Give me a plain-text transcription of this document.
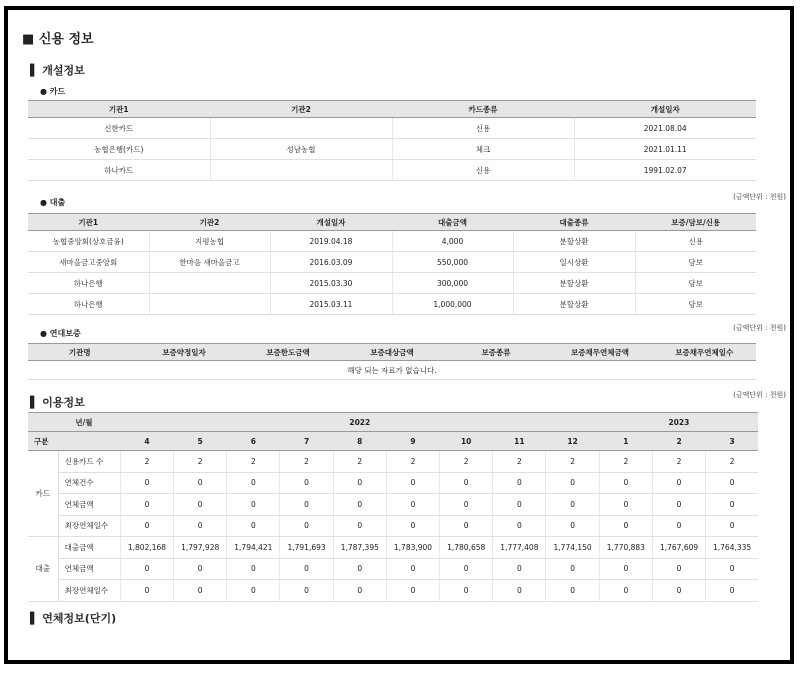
■ 신용 정보
▌ 개설정보
● 카드
기관1	기관2	카드종류	개설일자
신한카드		신용	2021.08.04
농협은행(카드)	성남농협	체크	2021.01.11
하나카드		신용	1991.02.07
● 대출
(금액단위 : 천원)
기관1	기관2	개설일자	대출금액	대출종류	보증/담보/신용
농협중앙회(상호금융)	지평농협	2019.04.18	4,000	분할상환	신용
새마을금고중앙회	한마음 새마을금고	2016.03.09	550,000	일시상환	담보
하나은행		2015.03.30	300,000	분할상환	담보
하나은행		2015.03.11	1,000,000	분할상환	담보
● 연대보증
(금액단위 : 천원)
기관명	보증약정일자	보증한도금액	보증대상금액	보증종류	보증채무연체금액	보증채무연체일수
해당 되는 자료가 없습니다.
▌ 이용정보
(금액단위 : 천원)
년/월		2022									2023		
구분		4	5	6	7	8	9	10	11	12	1	2	3
카드	신용카드 수	2	2	2	2	2	2	2	2	2	2	2	2
	연체건수	0	0	0	0	0	0	0	0	0	0	0	0
	연체금액	0	0	0	0	0	0	0	0	0	0	0	0
	최장연체일수	0	0	0	0	0	0	0	0	0	0	0	0
대출	대출금액	1,802,168	1,797,928	1,794,421	1,791,693	1,787,395	1,783,900	1,780,658	1,777,408	1,774,150	1,770,883	1,767,609	1,764,335
	연체금액	0	0	0	0	0	0	0	0	0	0	0	0
	최장연체일수	0	0	0	0	0	0	0	0	0	0	0	0
▌ 연체정보(단기)
